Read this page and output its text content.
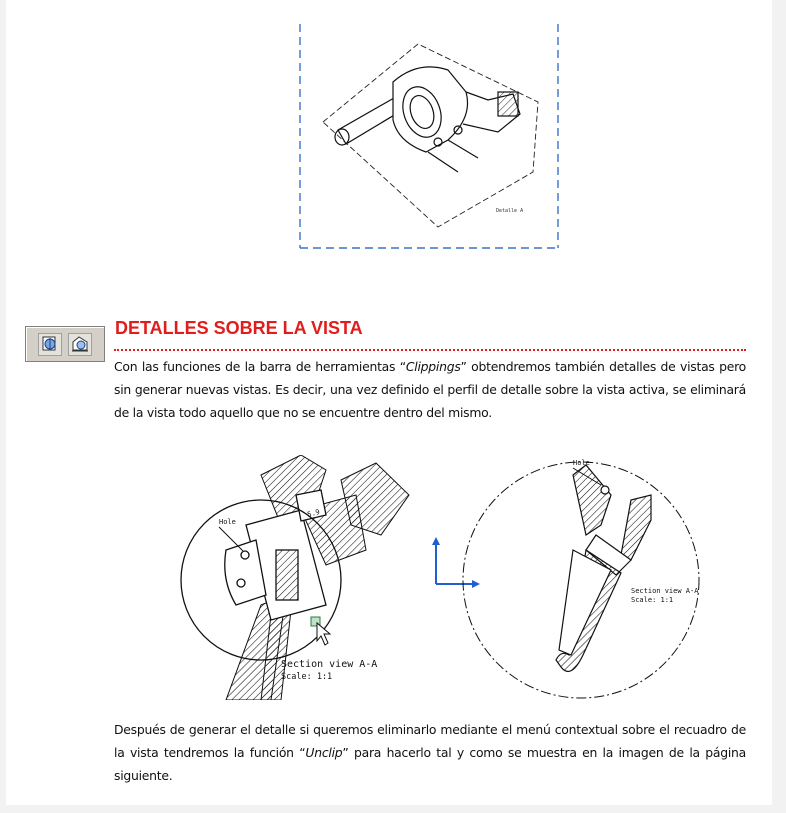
Detalle A
DETALLES SOBRE LA VISTA
Con las funciones de la barra de herramientas “Clippings” obtendremos también detalles de vistas pero sin generar nuevas vistas. Es decir, una vez definido el perfil de detalle sobre la vista activa, se eliminará de la vista todo aquello que no se encuentre dentro del mismo.
Hole
5.9
Section view A-A
Scale: 1:1
Hole
Section view A-A
Scale: 1:1
Después de generar el detalle si queremos eliminarlo mediante el menú contextual sobre el recuadro de la vista tendremos la función “Unclip” para hacerlo tal y como se muestra en la imagen de la página siguiente.
